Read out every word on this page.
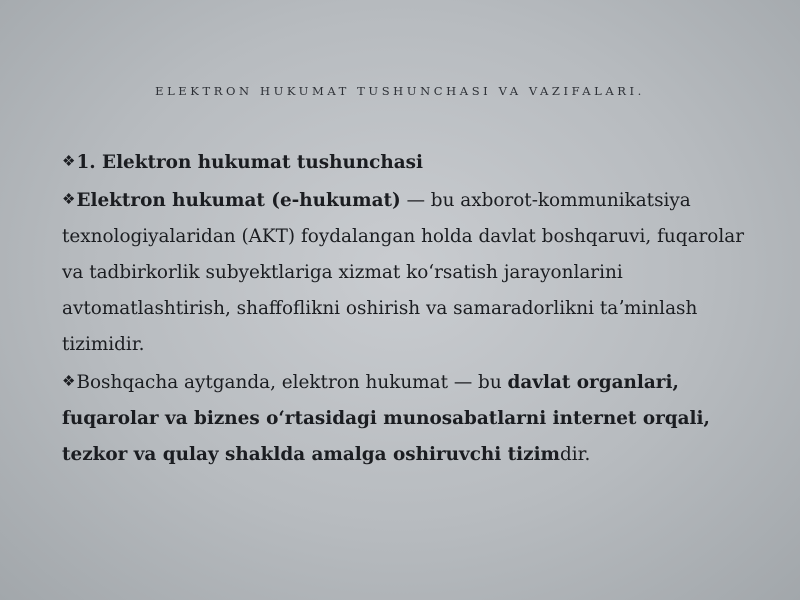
ELEKTRON HUKUMAT TUSHUNCHASI VA VAZIFALARI.

❖1. Elektron hukumat tushunchasi

❖Elektron hukumat (e-hukumat) — bu axborot-kommunikatsiya texnologiyalaridan (AKT) foydalangan holda davlat boshqaruvi, fuqarolar va tadbirkorlik subyektlariga xizmat koʻrsatish jarayonlarini avtomatlashtirish, shaffoflikni oshirish va samaradorlikni taʼminlash tizimidir.

❖Boshqacha aytganda, elektron hukumat — bu davlat organlari, fuqarolar va biznes oʻrtasidagi munosabatlarni internet orqali, tezkor va qulay shaklda amalga oshiruvchi tizimdir.
